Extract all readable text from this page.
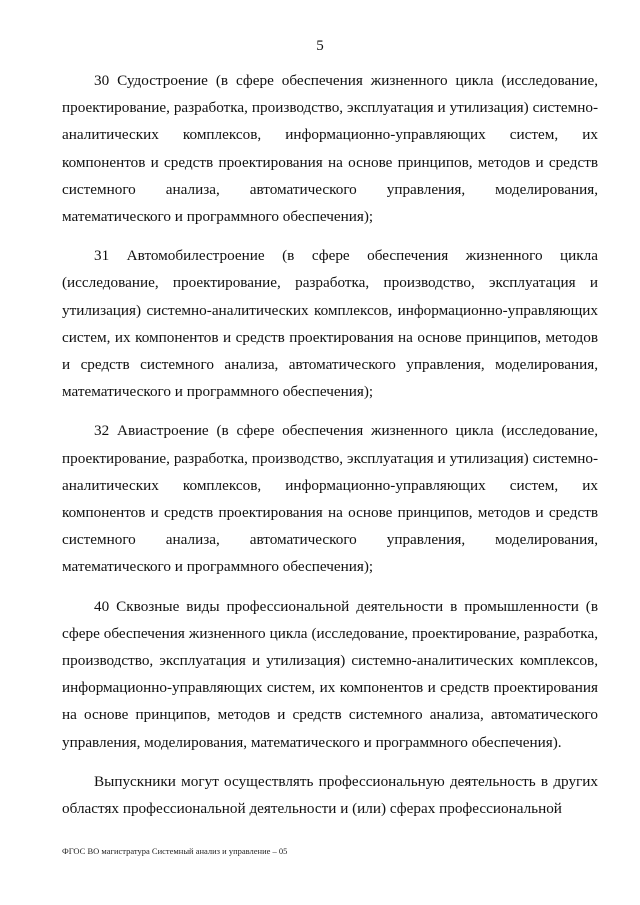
5

30 Судостроение (в сфере обеспечения жизненного цикла (исследование, проектирование, разработка, производство, эксплуатация и утилизация) системно-аналитических комплексов, информационно-управляющих систем, их компонентов и средств проектирования на основе принципов, методов и средств системного анализа, автоматического управления, моделирования, математического и программного обеспечения);

31 Автомобилестроение (в сфере обеспечения жизненного цикла (исследование, проектирование, разработка, производство, эксплуатация и утилизация) системно-аналитических комплексов, информационно-управляющих систем, их компонентов и средств проектирования на основе принципов, методов и средств системного анализа, автоматического управления, моделирования, математического и программного обеспечения);

32 Авиастроение (в сфере обеспечения жизненного цикла (исследование, проектирование, разработка, производство, эксплуатация и утилизация) системно-аналитических комплексов, информационно-управляющих систем, их компонентов и средств проектирования на основе принципов, методов и средств системного анализа, автоматического управления, моделирования, математического и программного обеспечения);

40 Сквозные виды профессиональной деятельности в промышленности (в сфере обеспечения жизненного цикла (исследование, проектирование, разработка, производство, эксплуатация и утилизация) системно-аналитических комплексов, информационно-управляющих систем, их компонентов и средств проектирования на основе принципов, методов и средств системного анализа, автоматического управления, моделирования, математического и программного обеспечения).

Выпускники могут осуществлять профессиональную деятельность в других областях профессиональной деятельности и (или) сферах профессиональной

ФГОС ВО магистратура Системный анализ и управление – 05
